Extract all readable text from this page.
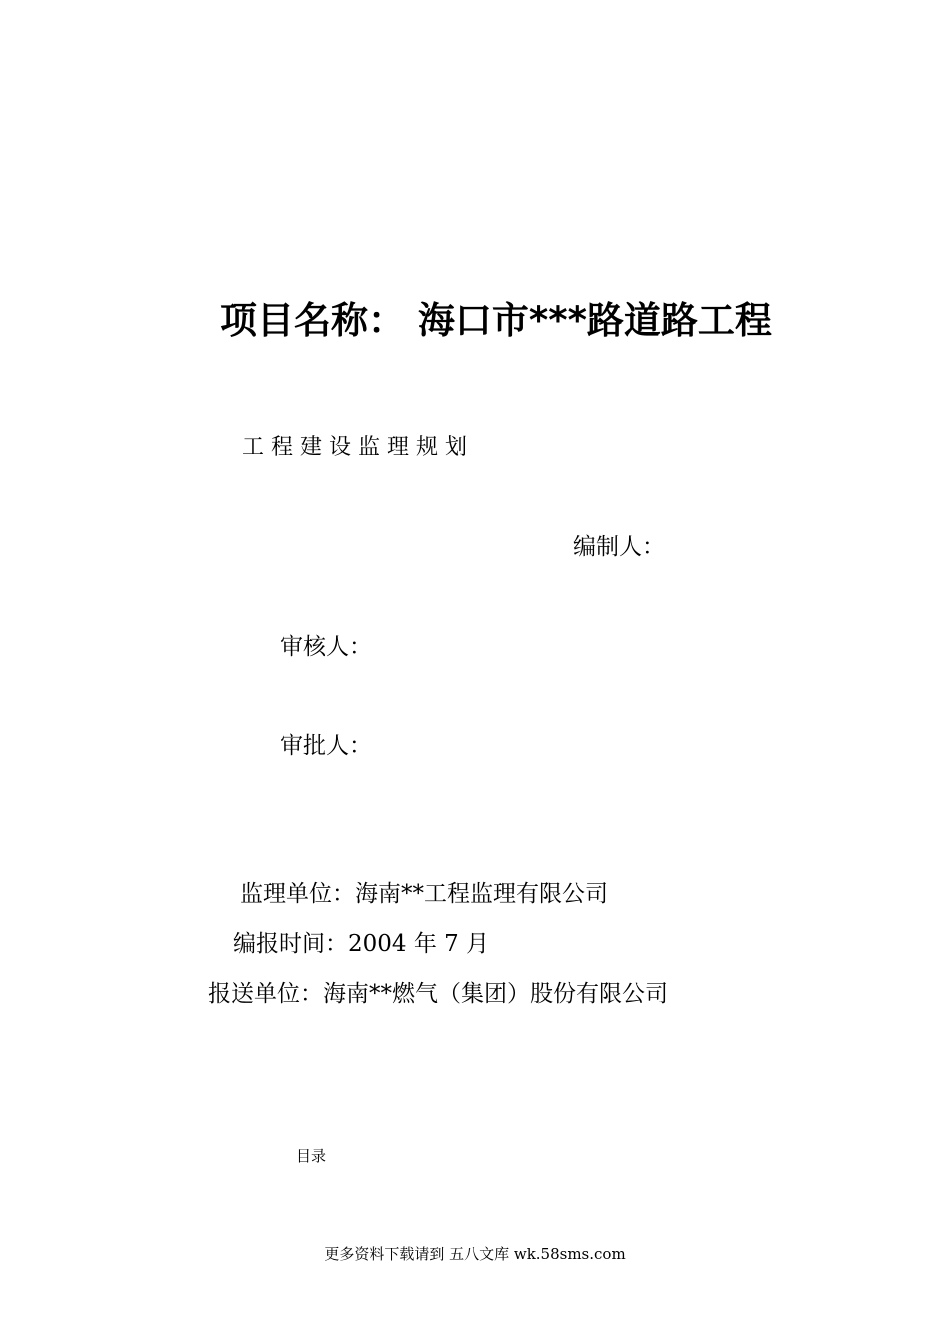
项目名称： 海口市***路道路工程
工程建设监理规划
编制人：
审核人：
审批人：
监理单位：海南**工程监理有限公司
编报时间：2004 年 7 月
报送单位：海南**燃气（集团）股份有限公司
目录
更多资料下载请到 五八文库 wk.58sms.com
